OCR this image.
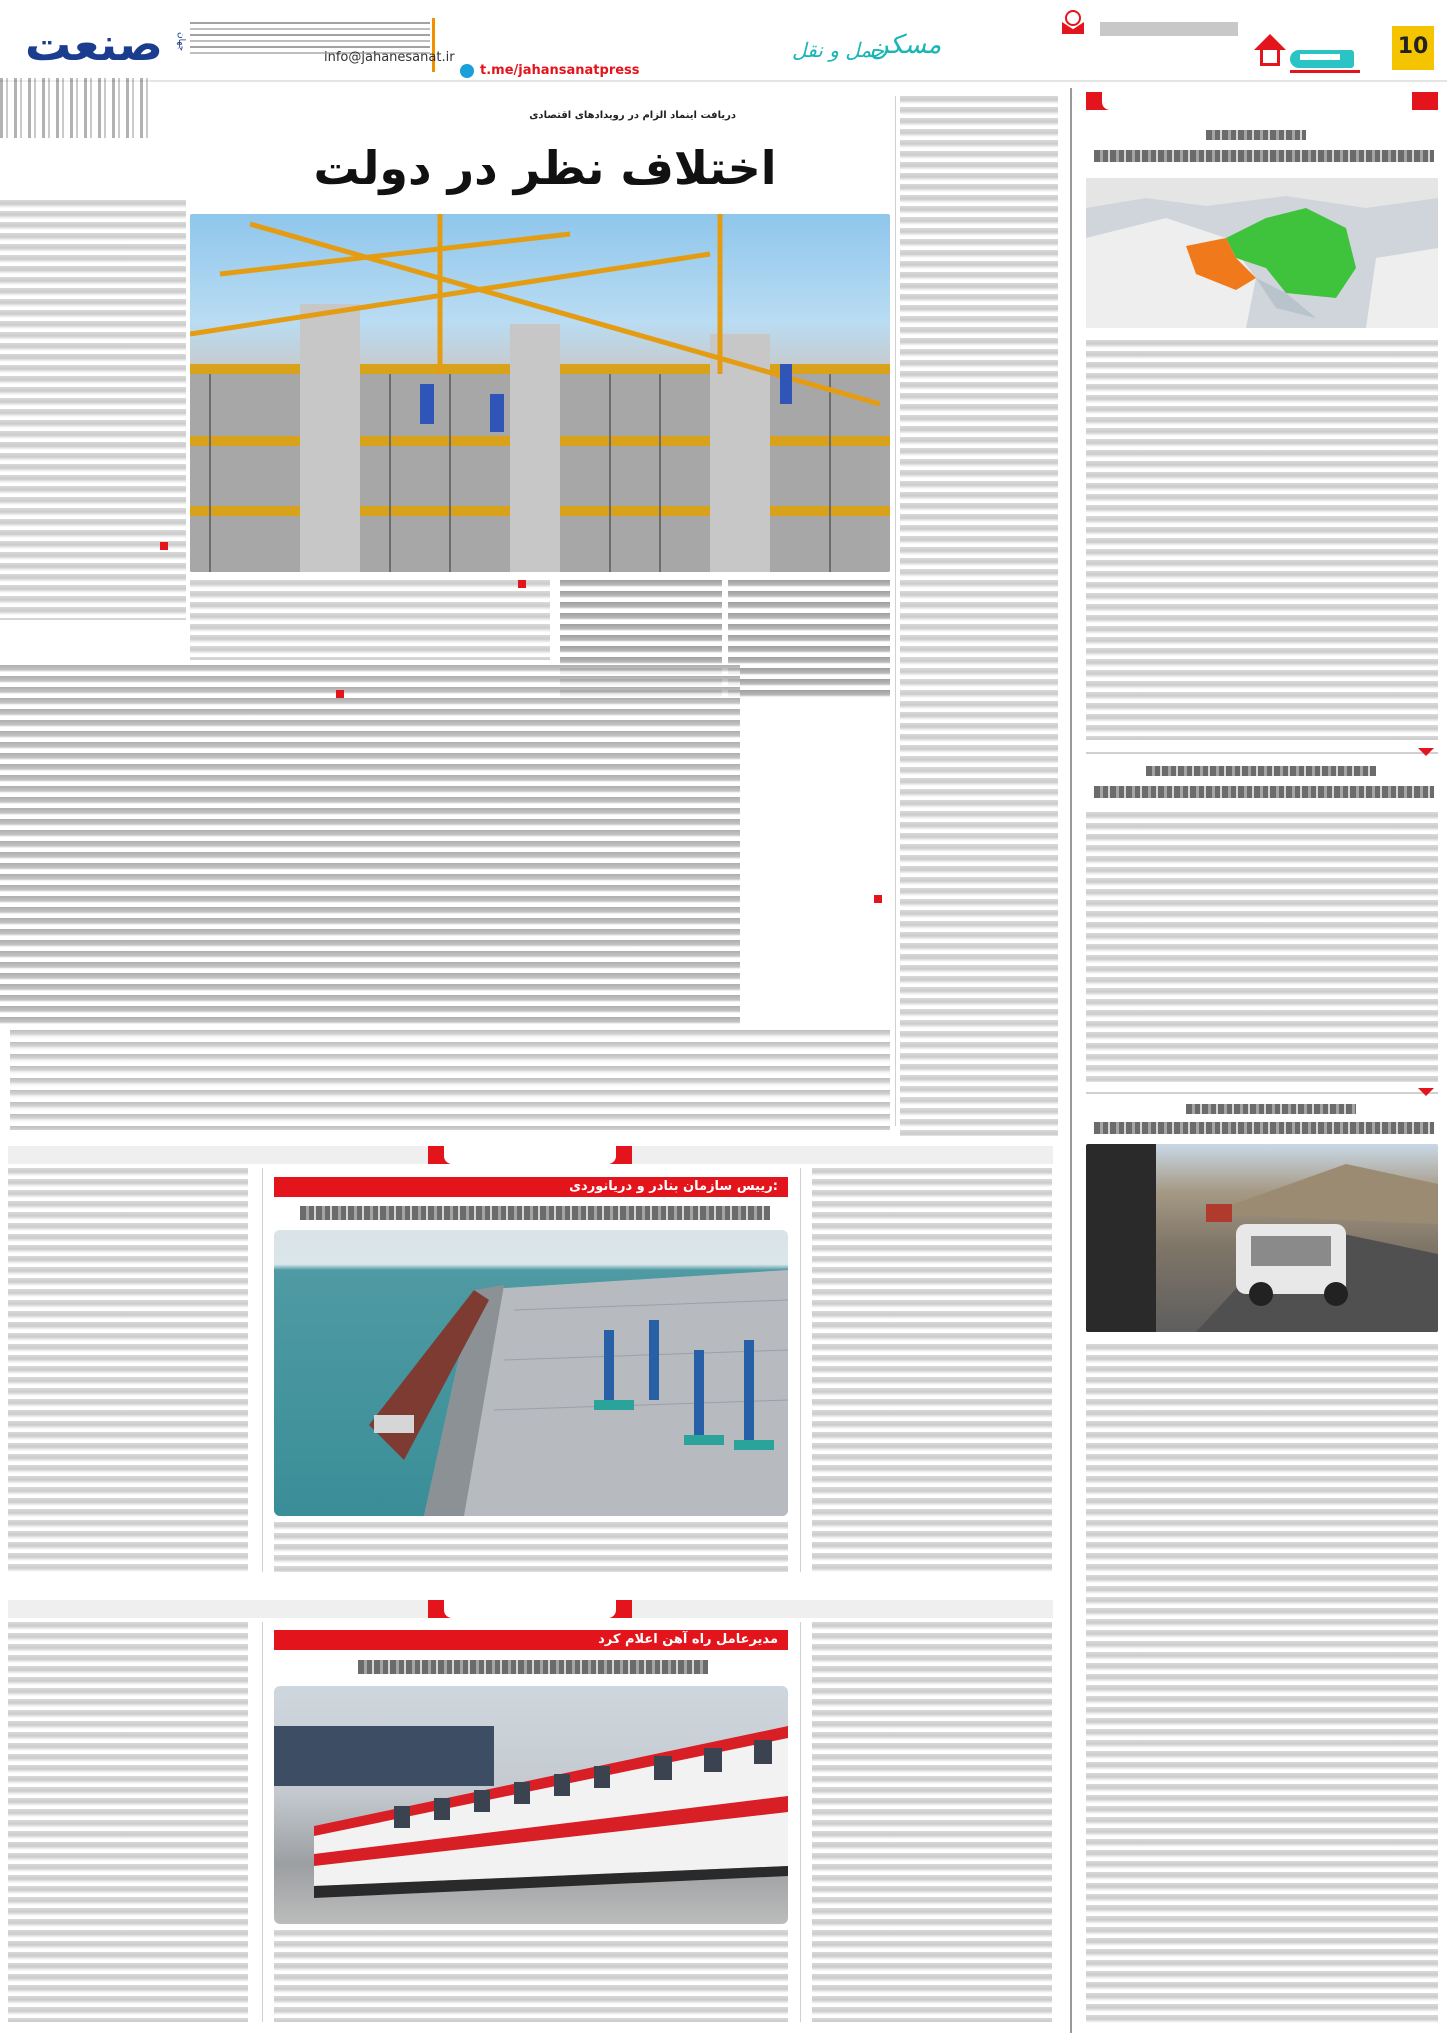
صنعت	جهان
info@jahanesanat.ir
t.me/jahansanatpress
مسکن
حمل و نقل	10
دریافت اینماد الزام در رویدادهای اقتصادی
اختلاف نظر در دولت
رییس سازمان بنادر و دریانوردی:
مدیرعامل راه آهن اعلام کرد
